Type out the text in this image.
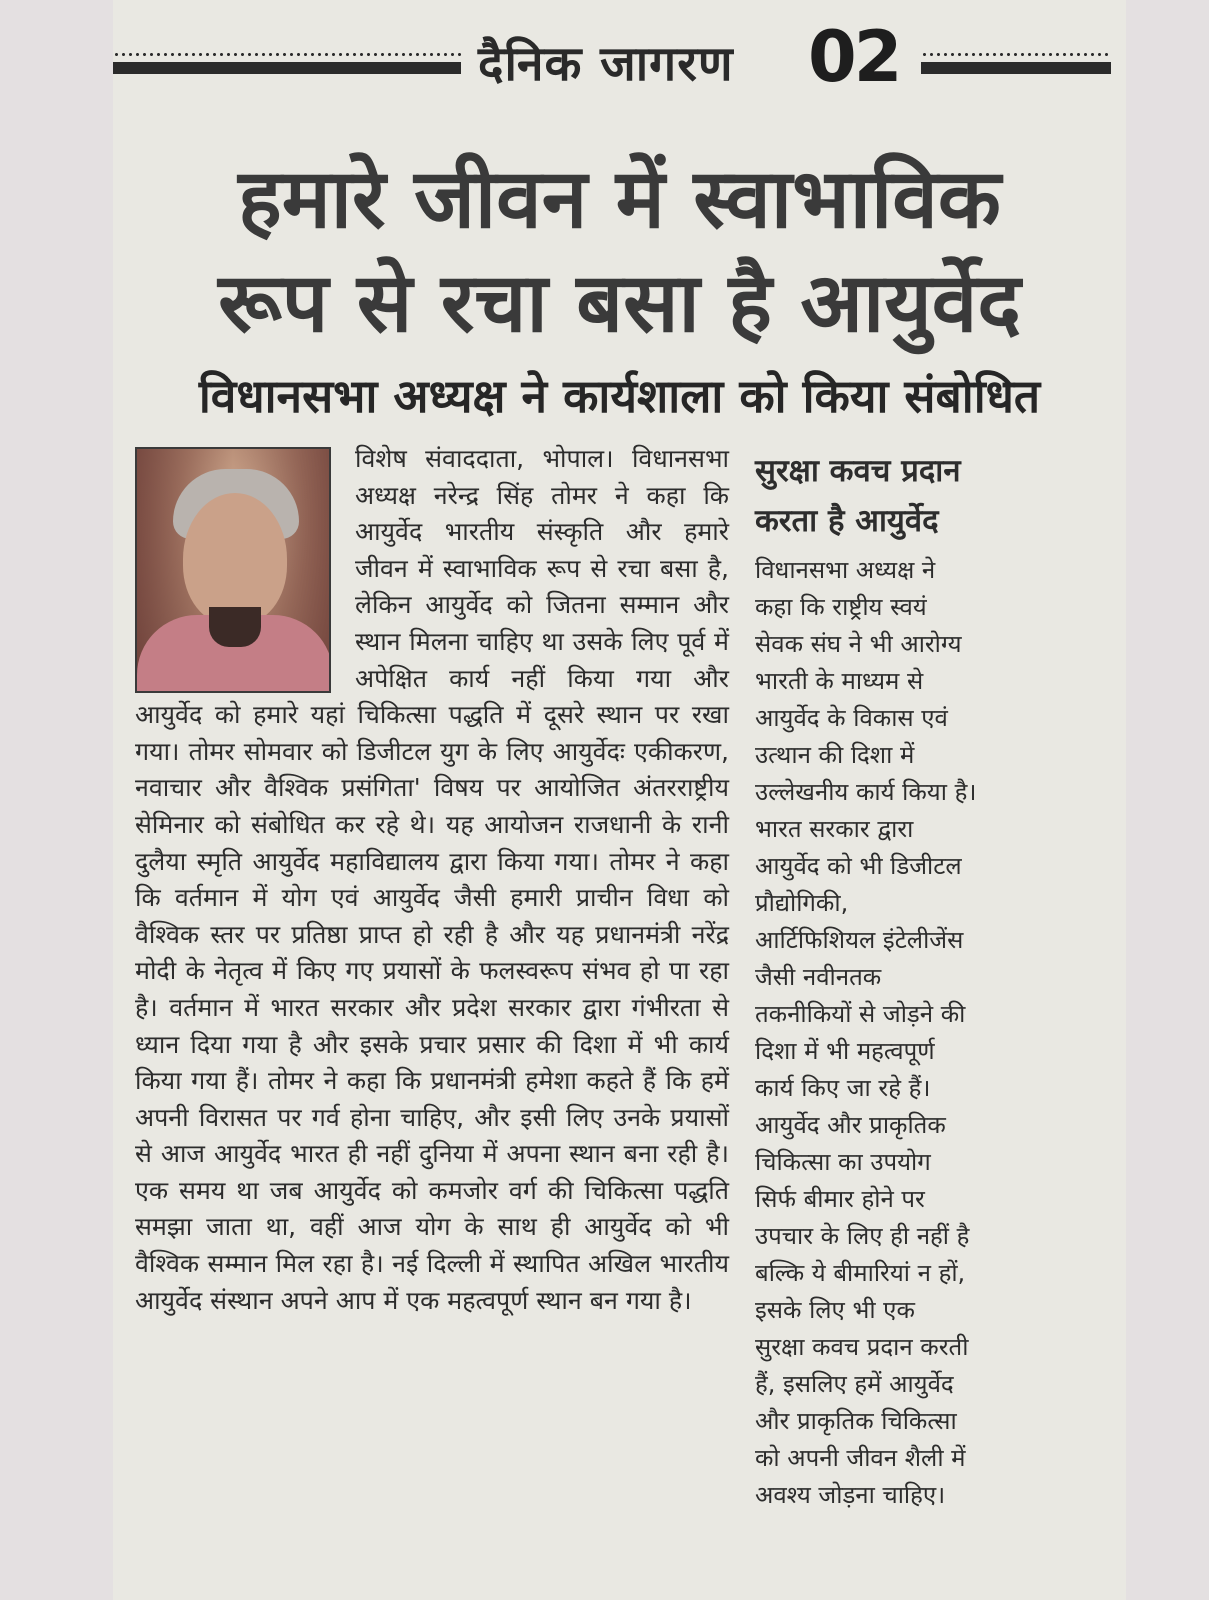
दैनिक जागरण 02
हमारे जीवन में स्वाभाविक
रूप से रचा बसा है आयुर्वेद
विधानसभा अध्यक्ष ने कार्यशाला को किया संबोधित
विशेष संवाददाता, भोपाल। विधानसभा अध्यक्ष नरेन्द्र सिंह तोमर ने कहा कि आयुर्वेद भारतीय संस्कृति और हमारे जीवन में स्वाभाविक रूप से रचा बसा है, लेकिन आयुर्वेद को जितना सम्मान और स्थान मिलना चाहिए था उसके लिए पूर्व में अपेक्षित कार्य नहीं किया गया और आयुर्वेद को हमारे यहां चिकित्सा पद्धति में दूसरे स्थान पर रखा गया। तोमर सोमवार को डिजीटल युग के लिए आयुर्वेदः एकीकरण, नवाचार और वैश्विक प्रसंगिता' विषय पर आयोजित अंतरराष्ट्रीय सेमिनार को संबोधित कर रहे थे। यह आयोजन राजधानी के रानी दुलैया स्मृति आयुर्वेद महाविद्यालय द्वारा किया गया। तोमर ने कहा कि वर्तमान में योग एवं आयुर्वेद जैसी हमारी प्राचीन विधा को वैश्विक स्तर पर प्रतिष्ठा प्राप्त हो रही है और यह प्रधानमंत्री नरेंद्र मोदी के नेतृत्व में किए गए प्रयासों के फलस्वरूप संभव हो पा रहा है। वर्तमान में भारत सरकार और प्रदेश सरकार द्वारा गंभीरता से ध्यान दिया गया है और इसके प्रचार प्रसार की दिशा में भी कार्य किया गया हैं। तोमर ने कहा कि प्रधानमंत्री हमेशा कहते हैं कि हमें अपनी विरासत पर गर्व होना चाहिए, और इसी लिए उनके प्रयासों से आज आयुर्वेद भारत ही नहीं दुनिया में अपना स्थान बना रही है। एक समय था जब आयुर्वेद को कमजोर वर्ग की चिकित्सा पद्धति समझा जाता था, वहीं आज योग के साथ ही आयुर्वेद को भी वैश्विक सम्मान मिल रहा है। नई दिल्ली में स्थापित अखिल भारतीय आयुर्वेद संस्थान अपने आप में एक महत्वपूर्ण स्थान बन गया है।
सुरक्षा कवच प्रदान
करता है आयुर्वेद
विधानसभा अध्यक्ष ने
कहा कि राष्ट्रीय स्वयं
सेवक संघ ने भी आरोग्य
भारती के माध्यम से
आयुर्वेद के विकास एवं
उत्थान की दिशा में
उल्लेखनीय कार्य किया है।
भारत सरकार द्वारा
आयुर्वेद को भी डिजीटल
प्रौद्योगिकी,
आर्टिफिशियल इंटेलीजेंस
जैसी नवीनतक
तकनीकियों से जोड़ने की
दिशा में भी महत्वपूर्ण
कार्य किए जा रहे हैं।
आयुर्वेद और प्राकृतिक
चिकित्सा का उपयोग
सिर्फ बीमार होने पर
उपचार के लिए ही नहीं है
बल्कि ये बीमारियां न हों,
इसके लिए भी एक
सुरक्षा कवच प्रदान करती
हैं, इसलिए हमें आयुर्वेद
और प्राकृतिक चिकित्सा
को अपनी जीवन शैली में
अवश्य जोड़ना चाहिए।
